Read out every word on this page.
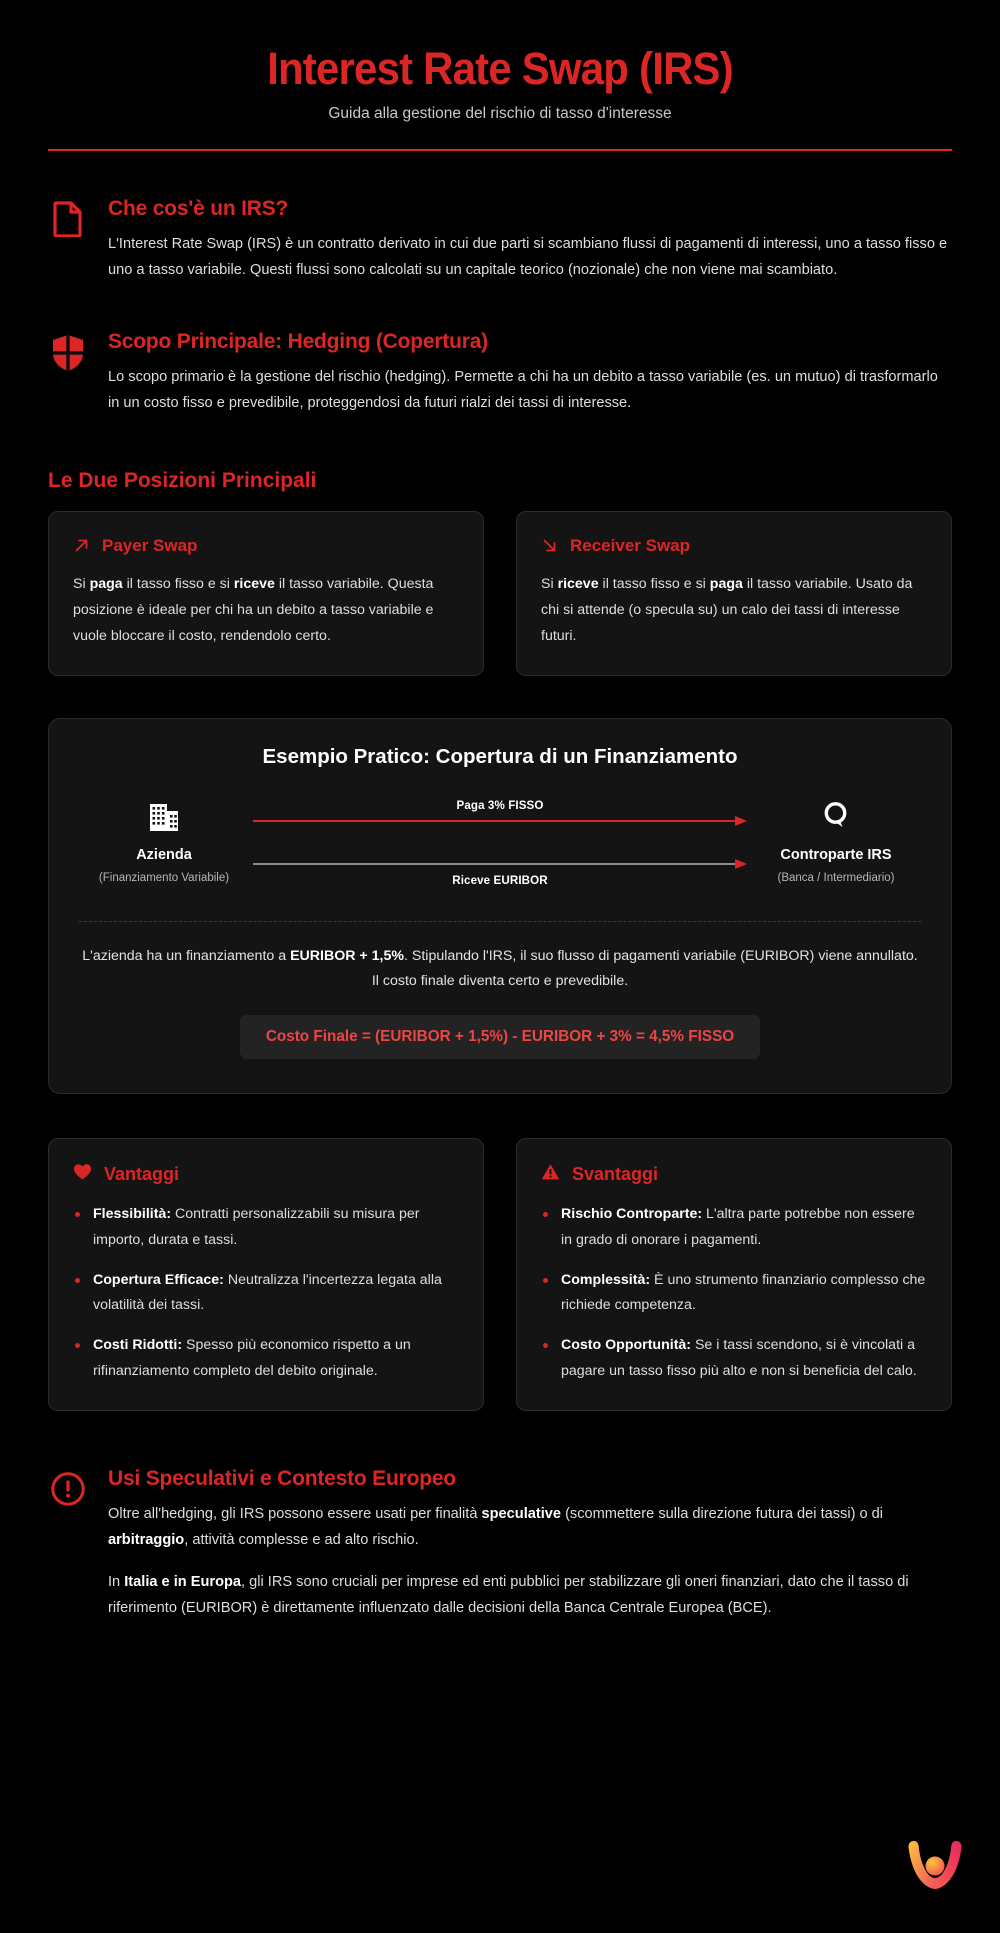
Interest Rate Swap (IRS)
Guida alla gestione del rischio di tasso d'interesse
Che cos'è un IRS?
L'Interest Rate Swap (IRS) è un contratto derivato in cui due parti si scambiano flussi di pagamenti di interessi, uno a tasso fisso e uno a tasso variabile. Questi flussi sono calcolati su un capitale teorico (nozionale) che non viene mai scambiato.
Scopo Principale: Hedging (Copertura)
Lo scopo primario è la gestione del rischio (hedging). Permette a chi ha un debito a tasso variabile (es. un mutuo) di trasformarlo in un costo fisso e prevedibile, proteggendosi da futuri rialzi dei tassi di interesse.
Le Due Posizioni Principali
Payer Swap
Si paga il tasso fisso e si riceve il tasso variabile. Questa posizione è ideale per chi ha un debito a tasso variabile e vuole bloccare il costo, rendendolo certo.
Receiver Swap
Si riceve il tasso fisso e si paga il tasso variabile. Usato da chi si attende (o specula su) un calo dei tassi di interesse futuri.
Esempio Pratico: Copertura di un Finanziamento
Azienda
(Finanziamento Variabile)
Paga 3% FISSO
Riceve EURIBOR
Controparte IRS
(Banca / Intermediario)
L'azienda ha un finanziamento a EURIBOR + 1,5%. Stipulando l'IRS, il suo flusso di pagamenti variabile (EURIBOR) viene annullato.
Il costo finale diventa certo e prevedibile.
Costo Finale = (EURIBOR + 1,5%) - EURIBOR + 3% = 4,5% FISSO
Vantaggi
Flessibilità: Contratti personalizzabili su misura per importo, durata e tassi.
Copertura Efficace: Neutralizza l'incertezza legata alla volatilità dei tassi.
Costi Ridotti: Spesso più economico rispetto a un rifinanziamento completo del debito originale.
Svantaggi
Rischio Controparte: L'altra parte potrebbe non essere in grado di onorare i pagamenti.
Complessità: È uno strumento finanziario complesso che richiede competenza.
Costo Opportunità: Se i tassi scendono, si è vincolati a pagare un tasso fisso più alto e non si beneficia del calo.
Usi Speculativi e Contesto Europeo
Oltre all'hedging, gli IRS possono essere usati per finalità speculative (scommettere sulla direzione futura dei tassi) o di arbitraggio, attività complesse e ad alto rischio.
In Italia e in Europa, gli IRS sono cruciali per imprese ed enti pubblici per stabilizzare gli oneri finanziari, dato che il tasso di riferimento (EURIBOR) è direttamente influenzato dalle decisioni della Banca Centrale Europea (BCE).
